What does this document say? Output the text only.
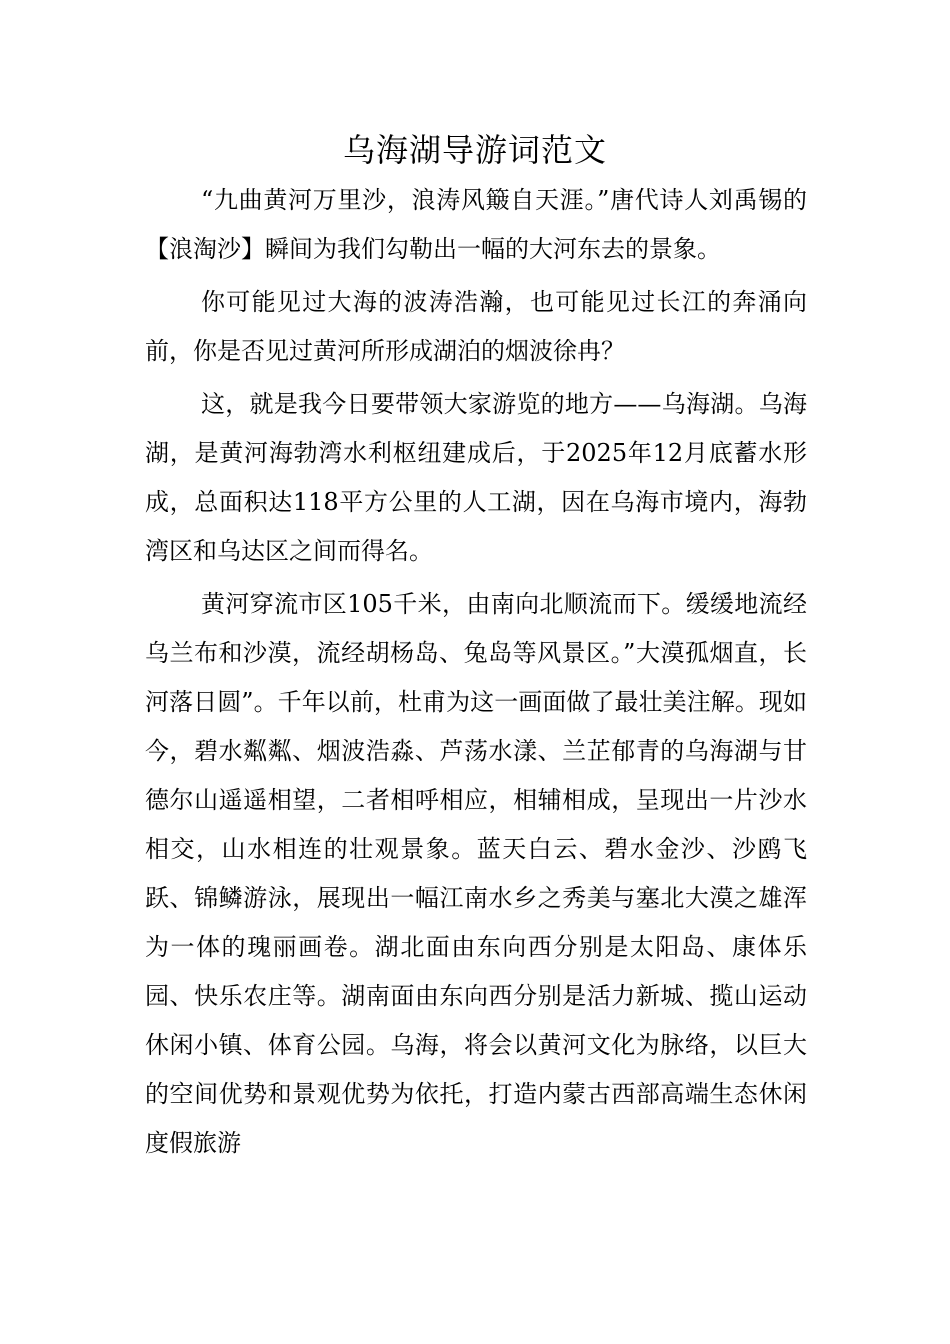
乌海湖导游词范文

“九曲黄河万里沙，浪涛风簸自天涯。”唐代诗人刘禹锡的【浪淘沙】瞬间为我们勾勒出一幅的大河东去的景象。

你可能见过大海的波涛浩瀚，也可能见过长江的奔涌向前，你是否见过黄河所形成湖泊的烟波徐冉？

这，就是我今日要带领大家游览的地方——乌海湖。乌海湖，是黄河海勃湾水利枢纽建成后，于2025年12月底蓄水形成，总面积达118平方公里的人工湖，因在乌海市境内，海勃湾区和乌达区之间而得名。

黄河穿流市区105千米，由南向北顺流而下。缓缓地流经乌兰布和沙漠，流经胡杨岛、兔岛等风景区。”大漠孤烟直，长河落日圆”。千年以前，杜甫为这一画面做了最壮美注解。现如今，碧水粼粼、烟波浩淼、芦荡水漾、兰芷郁青的乌海湖与甘德尔山遥遥相望，二者相呼相应，相辅相成，呈现出一片沙水相交，山水相连的壮观景象。蓝天白云、碧水金沙、沙鸥飞跃、锦鳞游泳，展现出一幅江南水乡之秀美与塞北大漠之雄浑为一体的瑰丽画卷。湖北面由东向西分别是太阳岛、康体乐园、快乐农庄等。湖南面由东向西分别是活力新城、揽山运动休闲小镇、体育公园。乌海，将会以黄河文化为脉络，以巨大的空间优势和景观优势为依托，打造内蒙古西部高端生态休闲度假旅游
